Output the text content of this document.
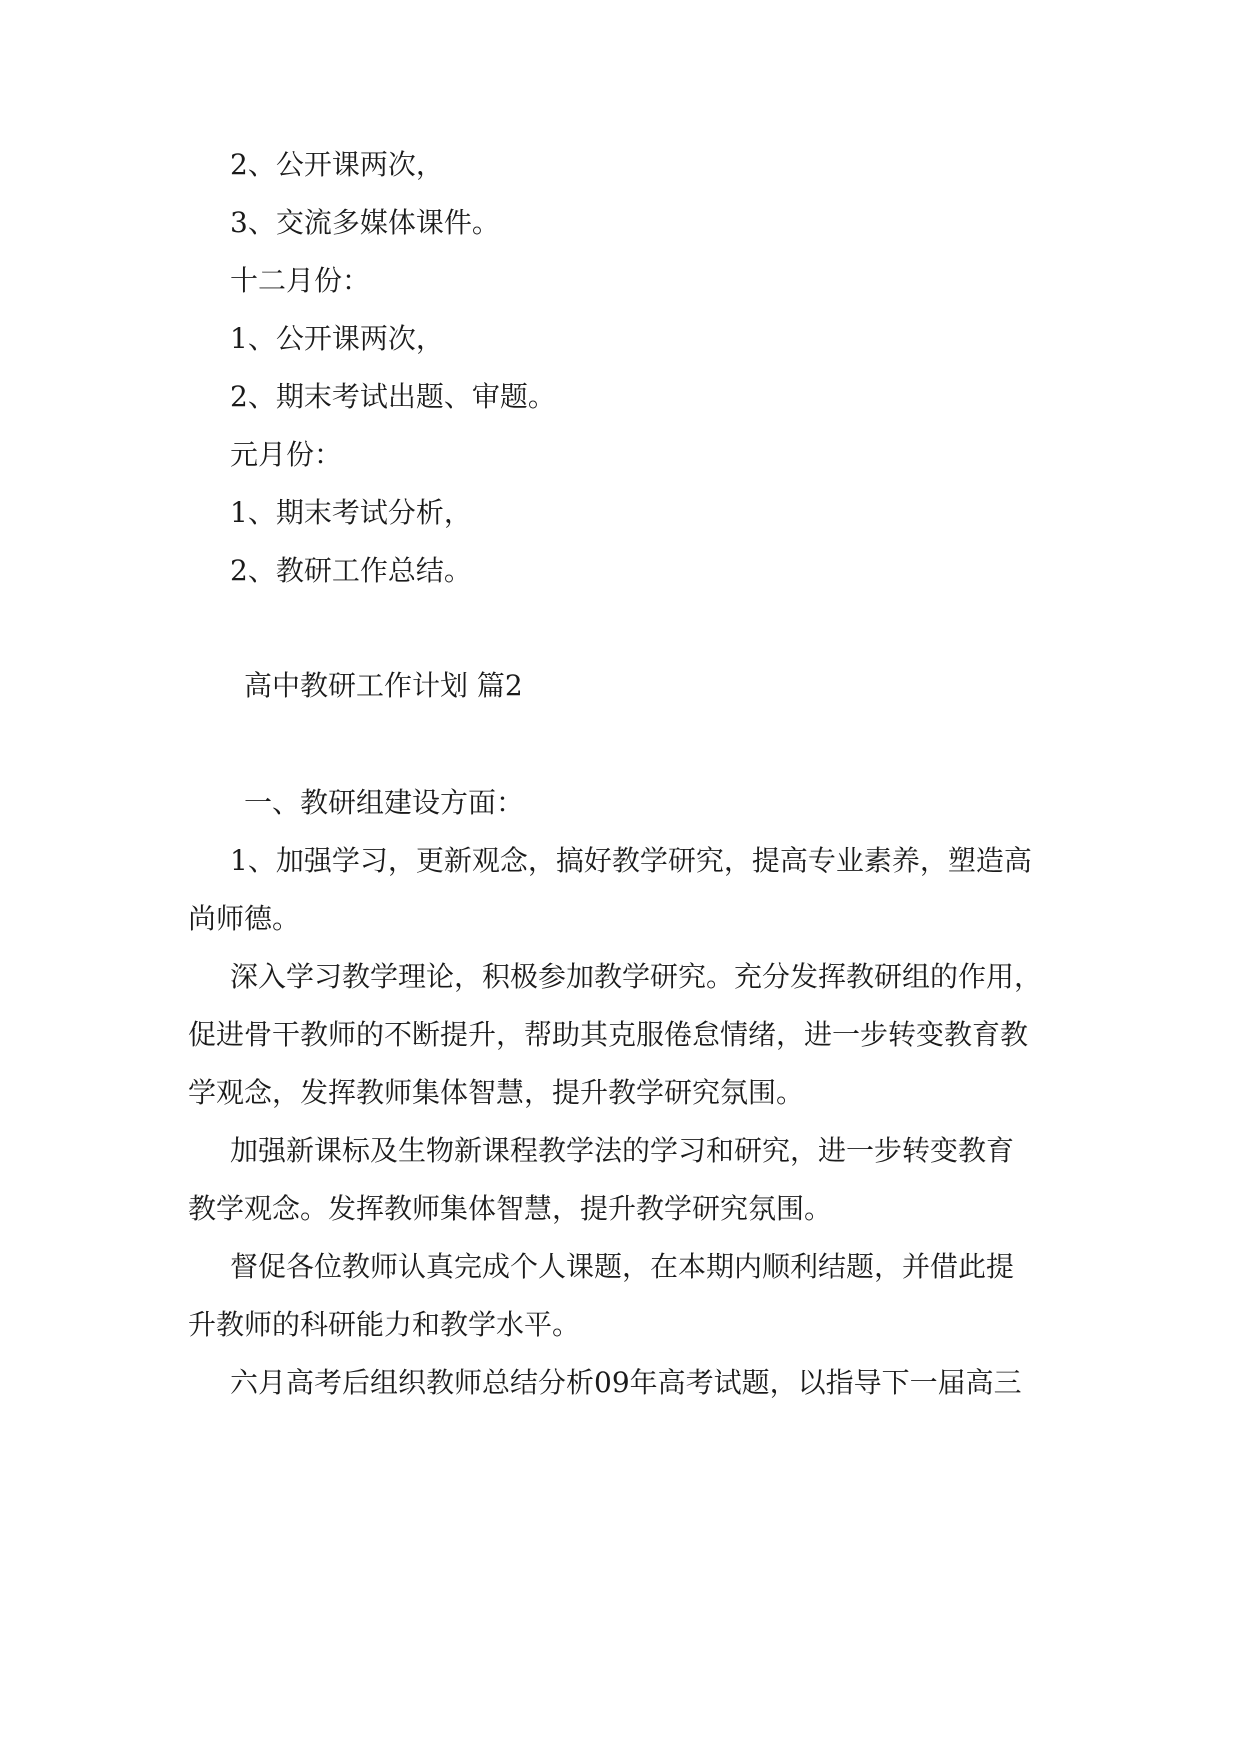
2、公开课两次，

3、交流多媒体课件。

十二月份：

1、公开课两次，

2、期末考试出题、审题。

元月份：

1、期末考试分析，

2、教研工作总结。

高中教研工作计划 篇2

一、教研组建设方面：

1、加强学习，更新观念，搞好教学研究，提高专业素养，塑造高

尚师德。

深入学习教学理论，积极参加教学研究。充分发挥教研组的作用，

促进骨干教师的不断提升，帮助其克服倦怠情绪，进一步转变教育教

学观念，发挥教师集体智慧，提升教学研究氛围。

加强新课标及生物新课程教学法的学习和研究，进一步转变教育

教学观念。发挥教师集体智慧，提升教学研究氛围。

督促各位教师认真完成个人课题，在本期内顺利结题，并借此提

升教师的科研能力和教学水平。

六月高考后组织教师总结分析09年高考试题，以指导下一届高三
